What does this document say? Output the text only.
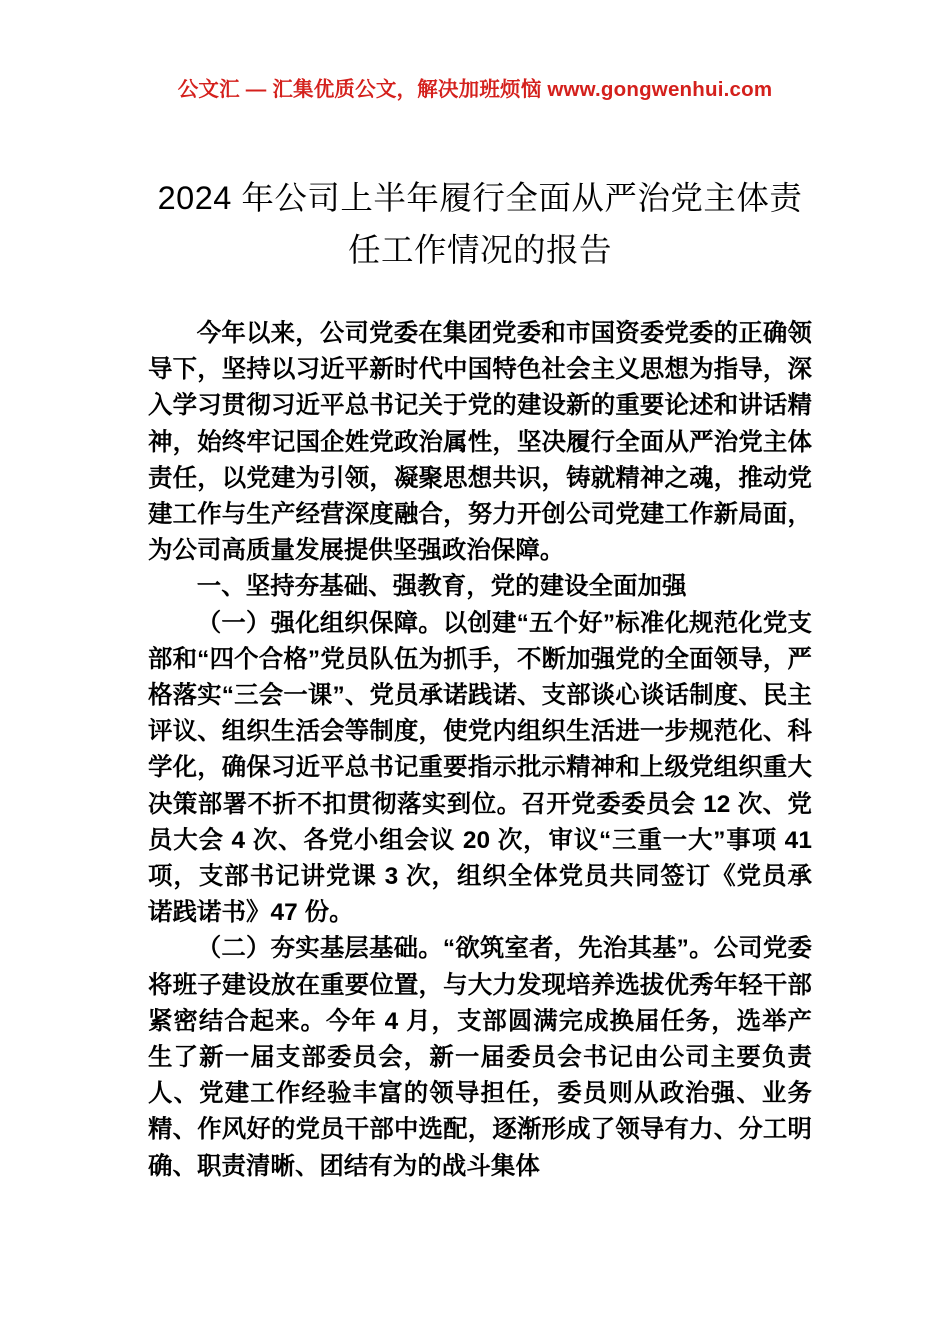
公文汇 — 汇集优质公文，解决加班烦恼 www.gongwenhui.com
2024 年公司上半年履行全面从严治党主体责任工作情况的报告

今年以来，公司党委在集团党委和市国资委党委的正确领导下，坚持以习近平新时代中国特色社会主义思想为指导，深入学习贯彻习近平总书记关于党的建设新的重要论述和讲话精神，始终牢记国企姓党政治属性，坚决履行全面从严治党主体责任，以党建为引领，凝聚思想共识，铸就精神之魂，推动党建工作与生产经营深度融合，努力开创公司党建工作新局面，为公司高质量发展提供坚强政治保障。

一、坚持夯基础、强教育，党的建设全面加强

（一）强化组织保障。以创建“五个好”标准化规范化党支部和“四个合格”党员队伍为抓手，不断加强党的全面领导，严格落实“三会一课”、党员承诺践诺、支部谈心谈话制度、民主评议、组织生活会等制度，使党内组织生活进一步规范化、科学化，确保习近平总书记重要指示批示精神和上级党组织重大决策部署不折不扣贯彻落实到位。召开党委委员会 12 次、党员大会 4 次、各党小组会议 20 次，审议“三重一大”事项 41 项，支部书记讲党课 3 次，组织全体党员共同签订《党员承诺践诺书》47 份。

（二）夯实基层基础。“欲筑室者，先治其基”。公司党委将班子建设放在重要位置，与大力发现培养选拔优秀年轻干部紧密结合起来。今年 4 月，支部圆满完成换届任务，选举产生了新一届支部委员会，新一届委员会书记由公司主要负责人、党建工作经验丰富的领导担任，委员则从政治强、业务精、作风好的党员干部中选配，逐渐形成了领导有力、分工明确、职责清晰、团结有为的战斗集体
